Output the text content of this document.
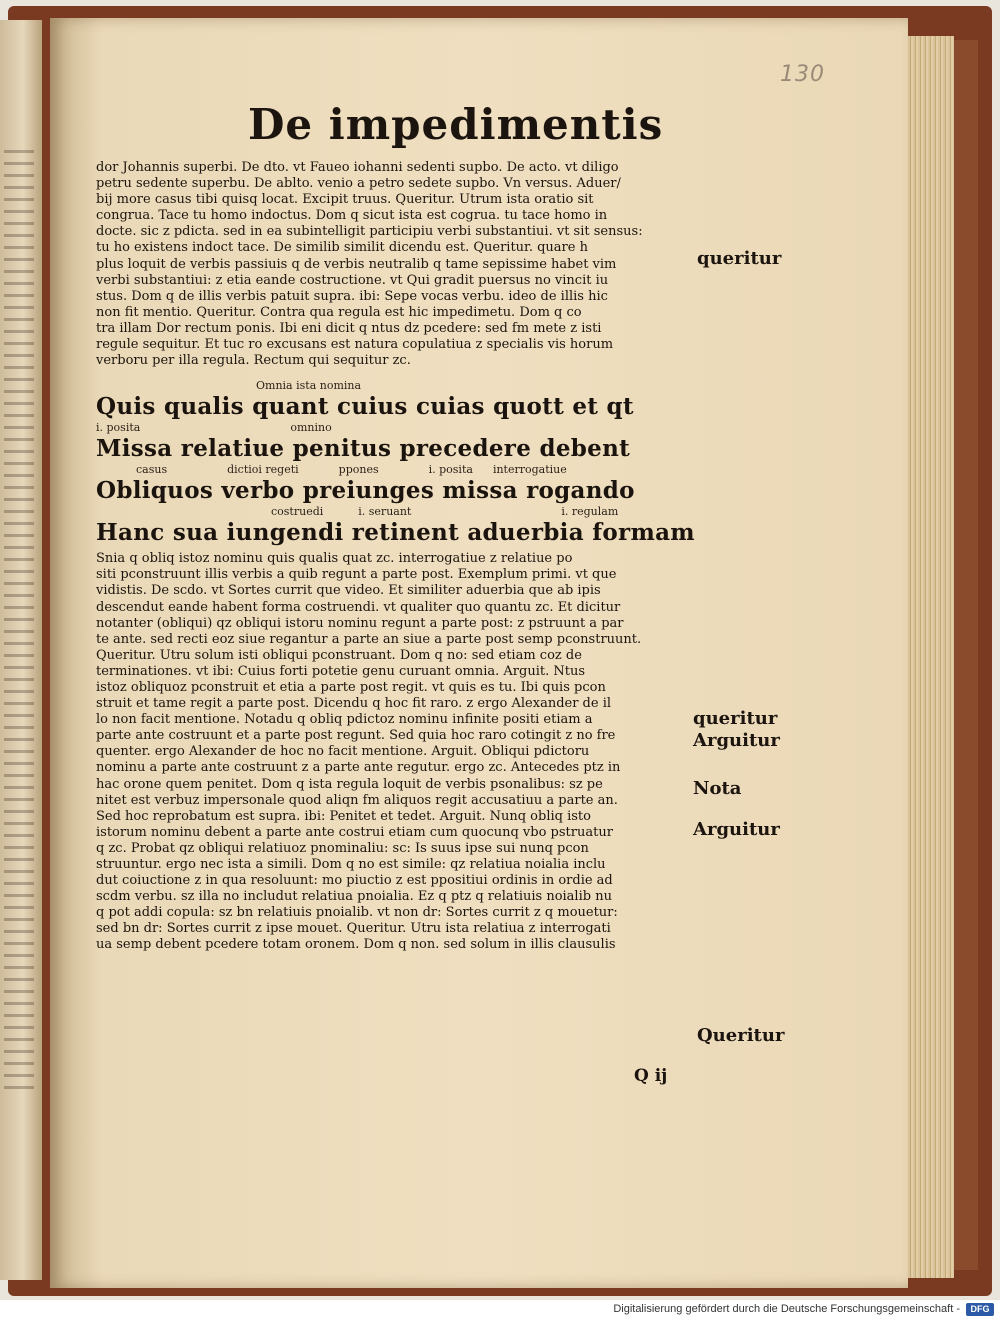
130
De impedimentis
dor Johannis superbi. De dto. vt Faueo iohanni sedenti supbo. De acto. vt diligo
petru sedente superbu. De ablto. venio a petro sedete supbo. Vn versus. Aduer/
bij more casus tibi quisq locat. Excipit truus. Queritur. Utrum ista oratio sit
congrua. Tace tu homo indoctus. Dom q sicut ista est cogrua. tu tace homo in
docte. sic z pdicta. sed in ea subintelligit participiu verbi substantiui. vt sit sensus:
tu ho existens indoct tace. De similib similit dicendu est. Queritur. quare h
plus loquit de verbis passiuis q de verbis neutralib q tame sepissime habet vim
verbi substantiui: z etia eande costructione. vt Qui gradit puersus no vincit iu
stus. Dom q de illis verbis patuit supra. ibi: Sepe vocas verbu. ideo de illis hic
non fit mentio. Queritur. Contra qua regula est hic impedimetu. Dom q co
tra illam Dor rectum ponis. Ibi eni dicit q ntus dz pcedere: sed fm mete z isti
regule sequitur. Et tuc ro excusans est natura copulatiua z specialis vis horum
verboru per illa regula. Rectum qui sequitur zc.
Omnia ista nomina
Quis qualis quant cuius cuias quott et qt
i. posita	omnino
Missa relatiue penitus precedere debent
casus	dictioi regeti	ppones	i. posita interrogatiue
Obliquos verbo preiunges missa rogando
costruedi	i. seruant	i. regulam
Hanc sua iungendi retinent aduerbia formam
Snia q obliq istoz nominu quis qualis quat zc. interrogatiue z relatiue po
siti pconstruunt illis verbis a quib regunt a parte post. Exemplum primi. vt que
vidistis. De scdo. vt Sortes currit que video. Et similiter aduerbia que ab ipis
descendut eande habent forma costruendi. vt qualiter quo quantu zc. Et dicitur
notanter (obliqui) qz obliqui istoru nominu regunt a parte post: z pstruunt a par
te ante. sed recti eoz siue regantur a parte an siue a parte post semp pconstruunt.
Queritur. Utru solum isti obliqui pconstruant. Dom q no: sed etiam coz de
terminationes. vt ibi: Cuius forti potetie genu curuant omnia. Arguit. Ntus
istoz obliquoz pconstruit et etia a parte post regit. vt quis es tu. Ibi quis pcon
struit et tame regit a parte post. Dicendu q hoc fit raro. z ergo Alexander de il
lo non facit mentione. Notadu q obliq pdictoz nominu infinite positi etiam a
parte ante costruunt et a parte post regunt. Sed quia hoc raro cotingit z no fre
quenter. ergo Alexander de hoc no facit mentione. Arguit. Obliqui pdictoru
nominu a parte ante costruunt z a parte ante regutur. ergo zc. Antecedes ptz in
hac orone quem penitet. Dom q ista regula loquit de verbis psonalibus: sz pe
nitet est verbuz impersonale quod aliqn fm aliquos regit accusatiuu a parte an.
Sed hoc reprobatum est supra. ibi: Penitet et tedet. Arguit. Nunq obliq isto
istorum nominu debent a parte ante costrui etiam cum quocunq vbo pstruatur
q zc. Probat qz obliqui relatiuoz pnominaliu: sc: Is suus ipse sui nunq pcon
struuntur. ergo nec ista a simili. Dom q no est simile: qz relatiua noialia inclu
dut coiuctione z in qua resoluunt: mo piuctio z est ppositiui ordinis in ordie ad
scdm verbu. sz illa no includut relatiua pnoialia. Ez q ptz q relatiuis noialib nu
q pot addi copula: sz bn relatiuis pnoialib. vt non dr: Sortes currit z q mouetur:
sed bn dr: Sortes currit z ipse mouet. Queritur. Utru ista relatiua z interrogati
ua semp debent pcedere totam oronem. Dom q non. sed solum in illis clausulis
queritur
queritur
Arguitur
Nota
Arguitur
Queritur
Q ij
Digitalisierung gefördert durch die Deutsche Forschungsgemeinschaft -	DFG
